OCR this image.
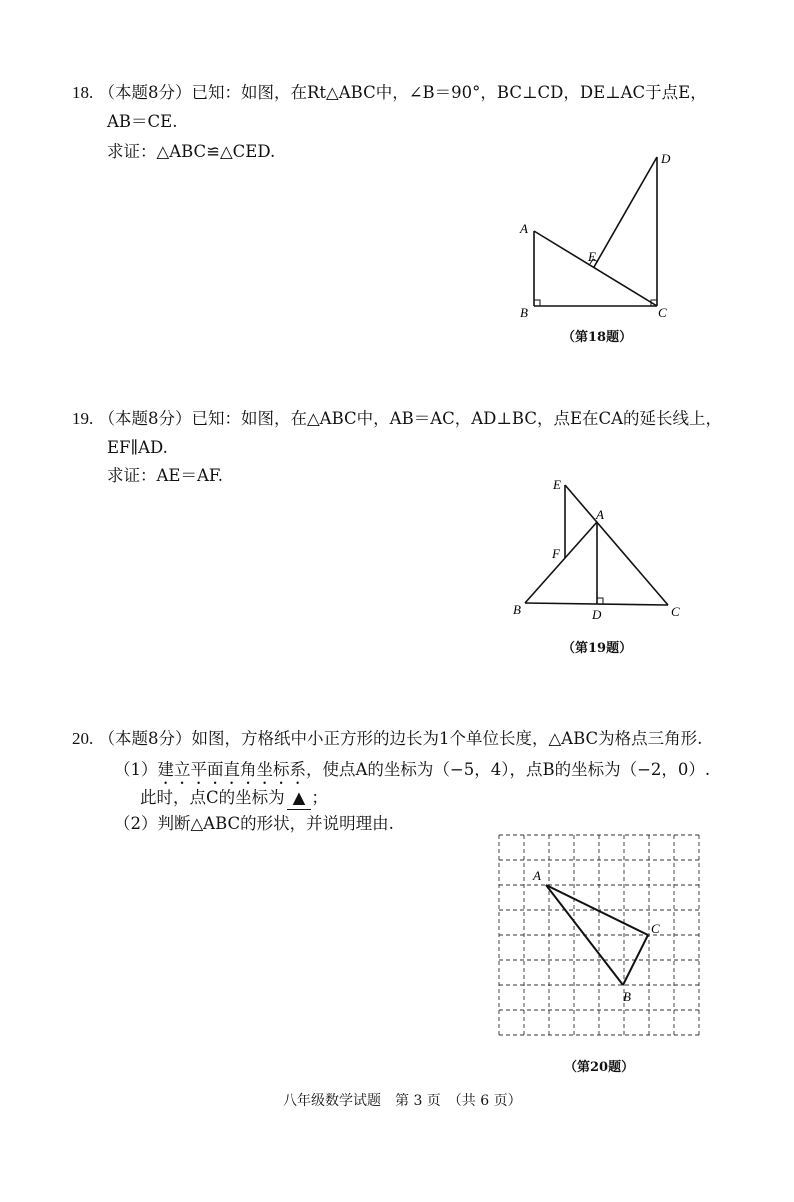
18. （本题8分）已知：如图，在Rt△ABC中，∠B＝90°，BC⊥CD，DE⊥AC于点E，
AB＝CE.
求证：△ABC≌△CED.
A
B	C
D
E
（第18题）
19. （本题8分）已知：如图，在△ABC中，AB＝AC，AD⊥BC，点E在CA的延长线上，
EF∥AD.
求证：AE＝AF.	E
A
F
B	D	C
（第19题）
20. （本题8分）如图，方格纸中小正方形的边长为1个单位长度，△ABC为格点三角形.
（1）建立平面直角坐标系，使点A的坐标为（−5，4），点B的坐标为（−2，0）.
此时，点C的坐标为 ▲ ；
（2）判断△ABC的形状，并说明理由.
A
C
B
（第20题）
八年级数学试题　第 3 页　（共 6 页）
